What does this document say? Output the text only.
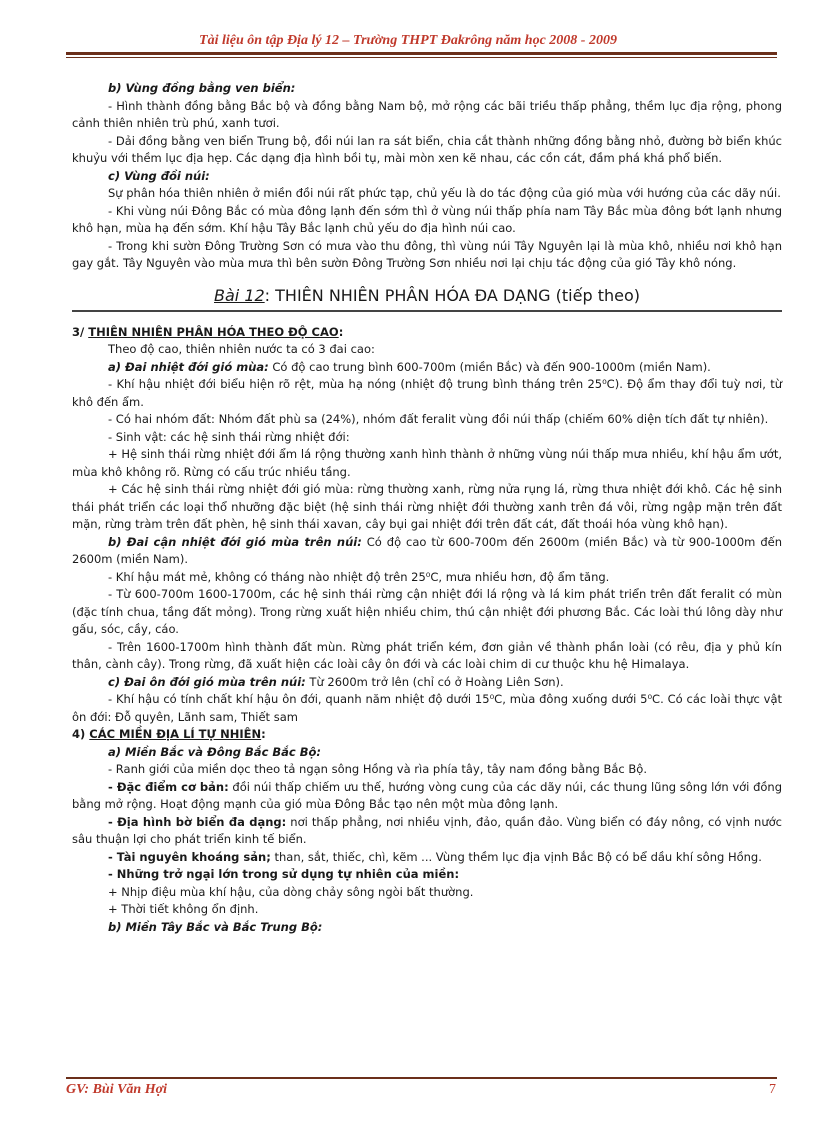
Tài liệu ôn tập Địa lý 12 – Trường THPT Đakrông năm học 2008 - 2009

b) Vùng đồng bằng ven biển:

- Hình thành đồng bằng Bắc bộ và đồng bằng Nam bộ, mở rộng các bãi triều thấp phẳng, thềm lục địa rộng, phong cảnh thiên nhiên trù phú, xanh tươi.

- Dải đồng bằng ven biển Trung bộ, đồi núi lan ra sát biển, chia cắt thành những đồng bằng nhỏ, đường bờ biển khúc khuỷu với thềm lục địa hẹp. Các dạng địa hình bồi tụ, mài mòn xen kẽ nhau, các cồn cát, đầm phá khá phổ biến.

c) Vùng đồi núi:

Sự phân hóa thiên nhiên ở miền đồi núi rất phức tạp, chủ yếu là do tác động của gió mùa với hướng của các dãy núi.

- Khi vùng núi Đông Bắc có mùa đông lạnh đến sớm thì ở vùng núi thấp phía nam Tây Bắc mùa đông bớt lạnh nhưng khô hạn, mùa hạ đến sớm. Khí hậu Tây Bắc lạnh chủ yếu do địa hình núi cao.

- Trong khi sườn Đông Trường Sơn có mưa vào thu đông, thì vùng núi Tây Nguyên lại là mùa khô, nhiều nơi khô hạn gay gắt. Tây Nguyên vào mùa mưa thì bên sườn Đông Trường Sơn nhiều nơi lại chịu tác động của gió Tây khô nóng.

Bài 12: THIÊN NHIÊN PHÂN HÓA ĐA DẠNG (tiếp theo)

3/ THIÊN NHIÊN PHÂN HÓA THEO ĐỘ CAO:

Theo độ cao, thiên nhiên nước ta có 3 đai cao:

a) Đai nhiệt đới gió mùa: Có độ cao trung bình 600-700m (miền Bắc) và đến 900-1000m (miền Nam).

- Khí hậu nhiệt đới biểu hiện rõ rệt, mùa hạ nóng (nhiệt độ trung bình tháng trên 25⁰C). Độ ẩm thay đổi tuỳ nơi, từ khô đến ẩm.

- Có hai nhóm đất: Nhóm đất phù sa (24%), nhóm đất feralit vùng đồi núi thấp (chiếm 60% diện tích đất tự nhiên).

- Sinh vật: các hệ sinh thái rừng nhiệt đới:

+ Hệ sinh thái rừng nhiệt đới ẩm lá rộng thường xanh hình thành ở những vùng núi thấp mưa nhiều, khí hậu ẩm ướt, mùa khô không rõ. Rừng có cấu trúc nhiều tầng.

+ Các hệ sinh thái rừng nhiệt đới gió mùa: rừng thường xanh, rừng nửa rụng lá, rừng thưa nhiệt đới khô. Các hệ sinh thái phát triển các loại thổ nhưỡng đặc biệt (hệ sinh thái rừng nhiệt đới thường xanh trên đá vôi, rừng ngập mặn trên đất mặn, rừng tràm trên đất phèn, hệ sinh thái xavan, cây bụi gai nhiệt đới trên đất cát, đất thoái hóa vùng khô hạn).

b) Đai cận nhiệt đới gió mùa trên núi: Có độ cao từ 600-700m đến 2600m (miền Bắc) và từ 900-1000m đến 2600m (miền Nam).

- Khí hậu mát mẻ, không có tháng nào nhiệt độ trên 25⁰C, mưa nhiều hơn, độ ẩm tăng.

- Từ 600-700m 1600-1700m, các hệ sinh thái rừng cận nhiệt đới lá rộng và lá kim phát triển trên đất feralit có mùn (đặc tính chua, tầng đất mỏng). Trong rừng xuất hiện nhiều chim, thú cận nhiệt đới phương Bắc. Các loài thú lông dày như gấu, sóc, cầy, cáo.

- Trên 1600-1700m hình thành đất mùn. Rừng phát triển kém, đơn giản về thành phần loài (có rêu, địa y phủ kín thân, cành cây). Trong rừng, đã xuất hiện các loài cây ôn đới và các loài chim di cư thuộc khu hệ Himalaya.

c) Đai ôn đới gió mùa trên núi: Từ 2600m trở lên (chỉ có ở Hoàng Liên Sơn).

- Khí hậu có tính chất khí hậu ôn đới, quanh năm nhiệt độ dưới 15⁰C, mùa đông xuống dưới 5⁰C. Có các loài thực vật ôn đới: Đỗ quyên, Lãnh sam, Thiết sam

4) CÁC MIỀN ĐỊA LÍ TỰ NHIÊN:

a) Miền Bắc và Đông Bắc Bắc Bộ:

- Ranh giới của miền dọc theo tả ngạn sông Hồng và rìa phía tây, tây nam đồng bằng Bắc Bộ.

- Đặc điểm cơ bản: đồi núi thấp chiếm ưu thế, hướng vòng cung của các dãy núi, các thung lũng sông lớn với đồng bằng mở rộng. Hoạt động mạnh của gió mùa Đông Bắc tạo nên một mùa đông lạnh.

- Địa hình bờ biển đa dạng: nơi thấp phẳng, nơi nhiều vịnh, đảo, quần đảo. Vùng biển có đáy nông, có vịnh nước sâu thuận lợi cho phát triển kinh tế biển.

- Tài nguyên khoáng sản; than, sắt, thiếc, chì, kẽm ... Vùng thềm lục địa vịnh Bắc Bộ có bể dầu khí sông Hồng.

- Những trở ngại lớn trong sử dụng tự nhiên của miền:

+ Nhịp điệu mùa khí hậu, của dòng chảy sông ngòi bất thường.

+ Thời tiết không ổn định.

b) Miền Tây Bắc và Bắc Trung Bộ:

GV: Bùi Văn Hợi	7
